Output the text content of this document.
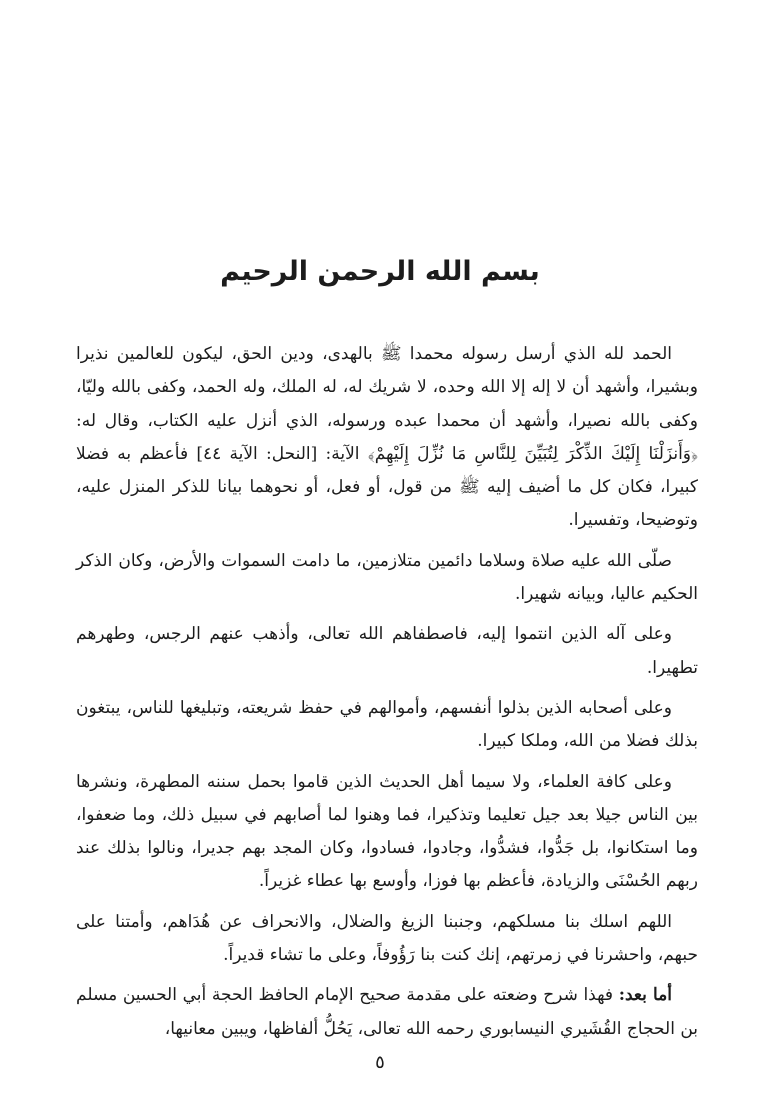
بسم الله الرحمن الرحيم

الحمد لله الذي أرسل رسوله محمدا ﷺ بالهدى، ودين الحق، ليكون للعالمين نذيرا وبشيرا، وأشهد أن لا إله إلا الله وحده، لا شريك له، له الملك، وله الحمد، وكفى بالله وليّا، وكفى بالله نصيرا، وأشهد أن محمدا عبده ورسوله، الذي أنزل عليه الكتاب، وقال له: ﴿وَأَنزَلْنَا إِلَيْكَ الذِّكْرَ لِتُبَيِّنَ لِلنَّاسِ مَا نُزِّلَ إِلَيْهِمْ﴾ الآية: [النحل: الآية ٤٤] فأعظم به فضلا كبيرا، فكان كل ما أضيف إليه ﷺ من قول، أو فعل، أو نحوهما بيانا للذكر المنزل عليه، وتوضيحا، وتفسيرا.

صلّى الله عليه صلاة وسلاما دائمين متلازمين، ما دامت السموات والأرض، وكان الذكر الحكيم عاليا، وبيانه شهيرا.

وعلى آله الذين انتموا إليه، فاصطفاهم الله تعالى، وأذهب عنهم الرجس، وطهرهم تطهيرا.

وعلى أصحابه الذين بذلوا أنفسهم، وأموالهم في حفظ شريعته، وتبليغها للناس، يبتغون بذلك فضلا من الله، وملكا كبيرا.

وعلى كافة العلماء، ولا سيما أهل الحديث الذين قاموا بحمل سننه المطهرة، ونشرها بين الناس جيلا بعد جيل تعليما وتذكيرا، فما وهنوا لما أصابهم في سبيل ذلك، وما ضعفوا، وما استكانوا، بل جَدُّوا، فشدُّوا، وجادوا، فسادوا، وكان المجد بهم جديرا، ونالوا بذلك عند ربهم الحُسْنَى والزيادة، فأعظم بها فوزا، وأوسع بها عطاء غزيراً.

اللهم اسلك بنا مسلكهم، وجنبنا الزيغ والضلال، والانحراف عن هُدَاهم، وأمتنا على حبهم، واحشرنا في زمرتهم، إنك كنت بنا رَؤُوفاً، وعلى ما تشاء قديراً.

أما بعد: فهذا شرح وضعته على مقدمة صحيح الإمام الحافظ الحجة أبي الحسين مسلم بن الحجاج القُشَيري النيسابوري رحمه الله تعالى، يَحُلُّ ألفاظها، ويبين معانيها،

٥
